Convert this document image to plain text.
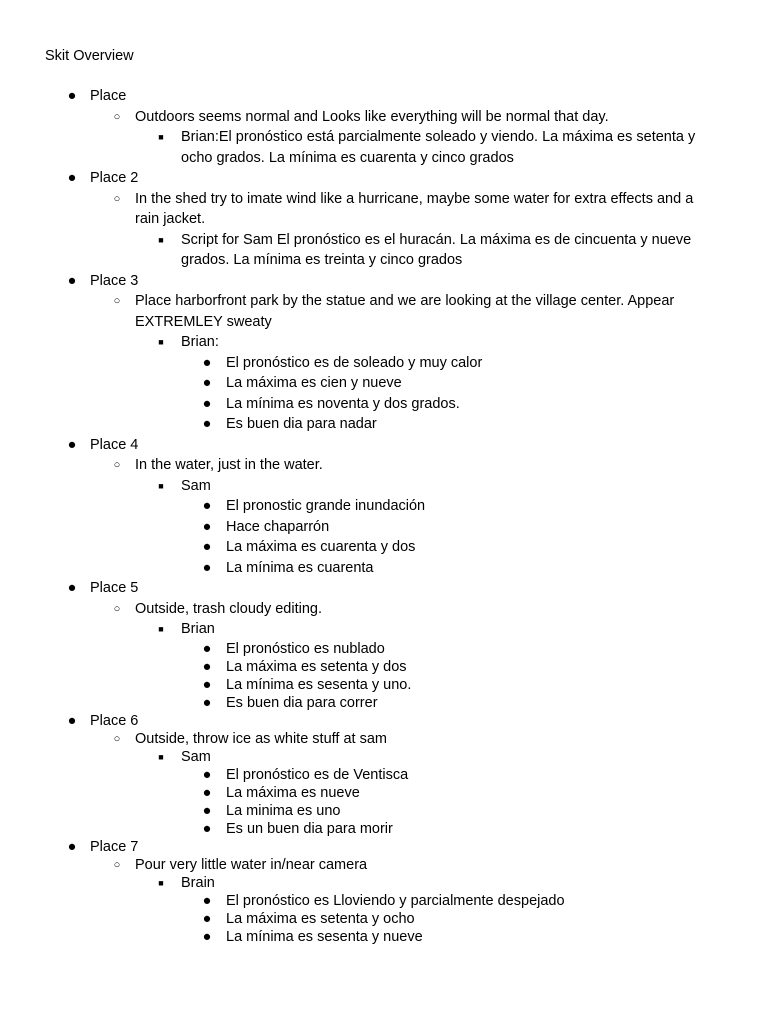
Skit Overview
● Place
○ Outdoors seems normal and Looks like everything will be normal that day.
■ Brian:El pronóstico está parcialmente soleado y viendo. La máxima es setenta y ocho grados. La mínima es cuarenta y cinco grados
● Place 2
○ In the shed try to imate wind like a hurricane, maybe some water for extra effects and a rain jacket.
■ Script for Sam El pronóstico es el huracán. La máxima es de cincuenta y nueve grados. La mínima es treinta y cinco grados
● Place 3
○ Place harborfront park by the statue and we are looking at the village center. Appear EXTREMLEY sweaty
■ Brian:
● El pronóstico es de soleado y muy calor
● La máxima es cien y nueve
● La mínima es noventa y dos grados.
● Es buen dia para nadar
● Place 4
○ In the water, just in the water.
■ Sam
● El pronostic grande inundación
● Hace chaparrón
● La máxima es cuarenta y dos
● La mínima es cuarenta
● Place 5
○ Outside, trash cloudy editing.
■ Brian
● El pronóstico es nublado
● La máxima es setenta y dos
● La mínima es sesenta y uno.
● Es buen dia para correr
● Place 6
○ Outside, throw ice as white stuff at sam
■ Sam
● El pronóstico es de Ventisca
● La máxima es nueve
● La minima es uno
● Es un buen dia para morir
● Place 7
○ Pour very little water in/near camera
■ Brain
● El pronóstico es Lloviendo y parcialmente despejado
● La máxima es setenta y ocho
● La mínima es sesenta y nueve
